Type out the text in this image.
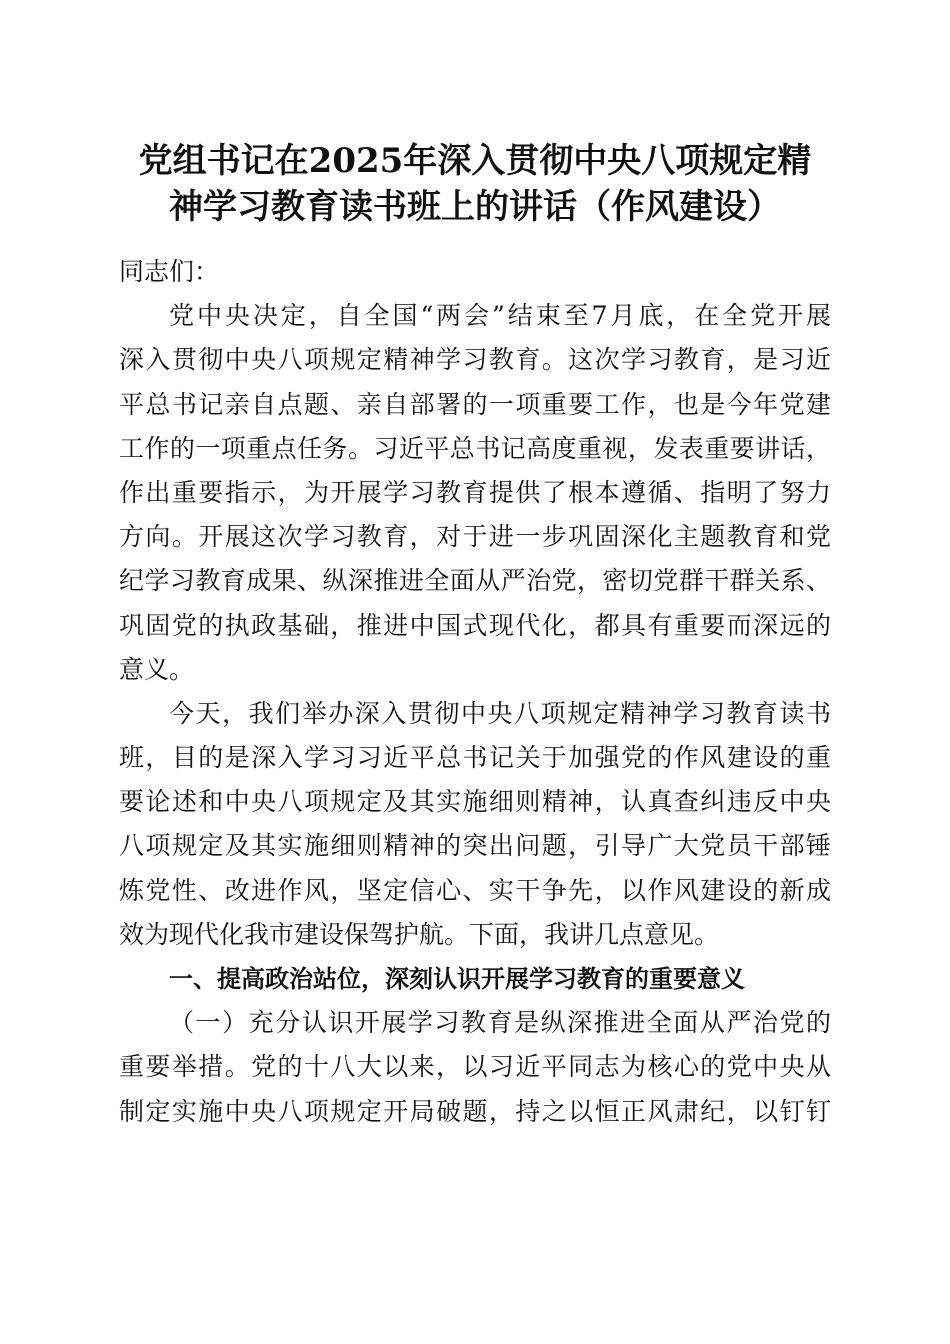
党组书记在2025年深入贯彻中央八项规定精
神学习教育读书班上的讲话（作风建设）
同志们：
党中央决定，自全国“两会”结束至7月底，在全党开展
深入贯彻中央八项规定精神学习教育。这次学习教育，是习近
平总书记亲自点题、亲自部署的一项重要工作，也是今年党建
工作的一项重点任务。习近平总书记高度重视，发表重要讲话，
作出重要指示，为开展学习教育提供了根本遵循、指明了努力
方向。开展这次学习教育，对于进一步巩固深化主题教育和党
纪学习教育成果、纵深推进全面从严治党，密切党群干群关系、
巩固党的执政基础，推进中国式现代化，都具有重要而深远的
意义。
今天，我们举办深入贯彻中央八项规定精神学习教育读书
班，目的是深入学习习近平总书记关于加强党的作风建设的重
要论述和中央八项规定及其实施细则精神，认真查纠违反中央
八项规定及其实施细则精神的突出问题，引导广大党员干部锤
炼党性、改进作风，坚定信心、实干争先，以作风建设的新成
效为现代化我市建设保驾护航。下面，我讲几点意见。
一、提高政治站位，深刻认识开展学习教育的重要意义
（一）充分认识开展学习教育是纵深推进全面从严治党的
重要举措。党的十八大以来，以习近平同志为核心的党中央从
制定实施中央八项规定开局破题，持之以恒正风肃纪，以钉钉
